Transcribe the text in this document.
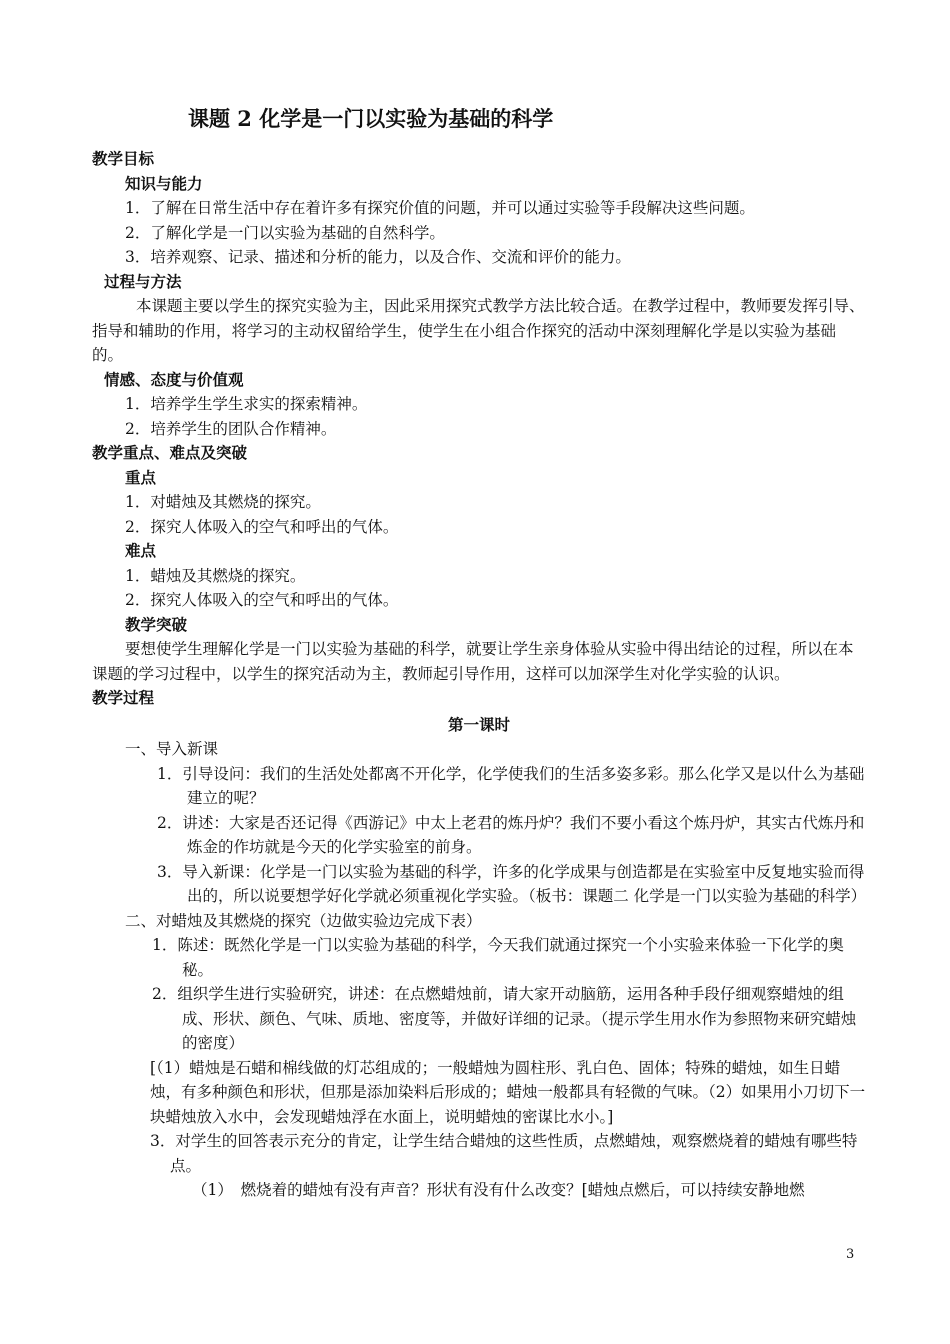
课题 2 化学是一门以实验为基础的科学

教学目标

知识与能力

1．了解在日常生活中存在着许多有探究价值的问题，并可以通过实验等手段解决这些问题。

2．了解化学是一门以实验为基础的自然科学。

3．培养观察、记录、描述和分析的能力，以及合作、交流和评价的能力。

过程与方法

本课题主要以学生的探究实验为主，因此采用探究式教学方法比较合适。在教学过程中，教师要发挥引导、指导和辅助的作用，将学习的主动权留给学生，使学生在小组合作探究的活动中深刻理解化学是以实验为基础的。

情感、态度与价值观

1．培养学生学生求实的探索精神。

2．培养学生的团队合作精神。

教学重点、难点及突破

重点

1．对蜡烛及其燃烧的探究。

2．探究人体吸入的空气和呼出的气体。

难点

1．蜡烛及其燃烧的探究。

2．探究人体吸入的空气和呼出的气体。

教学突破

要想使学生理解化学是一门以实验为基础的科学，就要让学生亲身体验从实验中得出结论的过程，所以在本课题的学习过程中，以学生的探究活动为主，教师起引导作用，这样可以加深学生对化学实验的认识。

教学过程

第一课时

一、导入新课

1．引导设问：我们的生活处处都离不开化学，化学使我们的生活多姿多彩。那么化学又是以什么为基础建立的呢？

2．讲述：大家是否还记得《西游记》中太上老君的炼丹炉？我们不要小看这个炼丹炉，其实古代炼丹和炼金的作坊就是今天的化学实验室的前身。

3．导入新课：化学是一门以实验为基础的科学，许多的化学成果与创造都是在实验室中反复地实验而得出的，所以说要想学好化学就必须重视化学实验。（板书：课题二 化学是一门以实验为基础的科学）

二、对蜡烛及其燃烧的探究（边做实验边完成下表）

1．陈述：既然化学是一门以实验为基础的科学，今天我们就通过探究一个小实验来体验一下化学的奥秘。

2．组织学生进行实验研究，讲述：在点燃蜡烛前，请大家开动脑筋，运用各种手段仔细观察蜡烛的组成、形状、颜色、气味、质地、密度等，并做好详细的记录。（提示学生用水作为参照物来研究蜡烛的密度）

[（1）蜡烛是石蜡和棉线做的灯芯组成的；一般蜡烛为圆柱形、乳白色、固体；特殊的蜡烛，如生日蜡烛，有多种颜色和形状，但那是添加染料后形成的；蜡烛一般都具有轻微的气味。（2）如果用小刀切下一块蜡烛放入水中，会发现蜡烛浮在水面上，说明蜡烛的密谋比水小。]

3．对学生的回答表示充分的肯定，让学生结合蜡烛的这些性质，点燃蜡烛，观察燃烧着的蜡烛有哪些特点。

（1）　燃烧着的蜡烛有没有声音？形状有没有什么改变？[蜡烛点燃后，可以持续安静地燃

3
